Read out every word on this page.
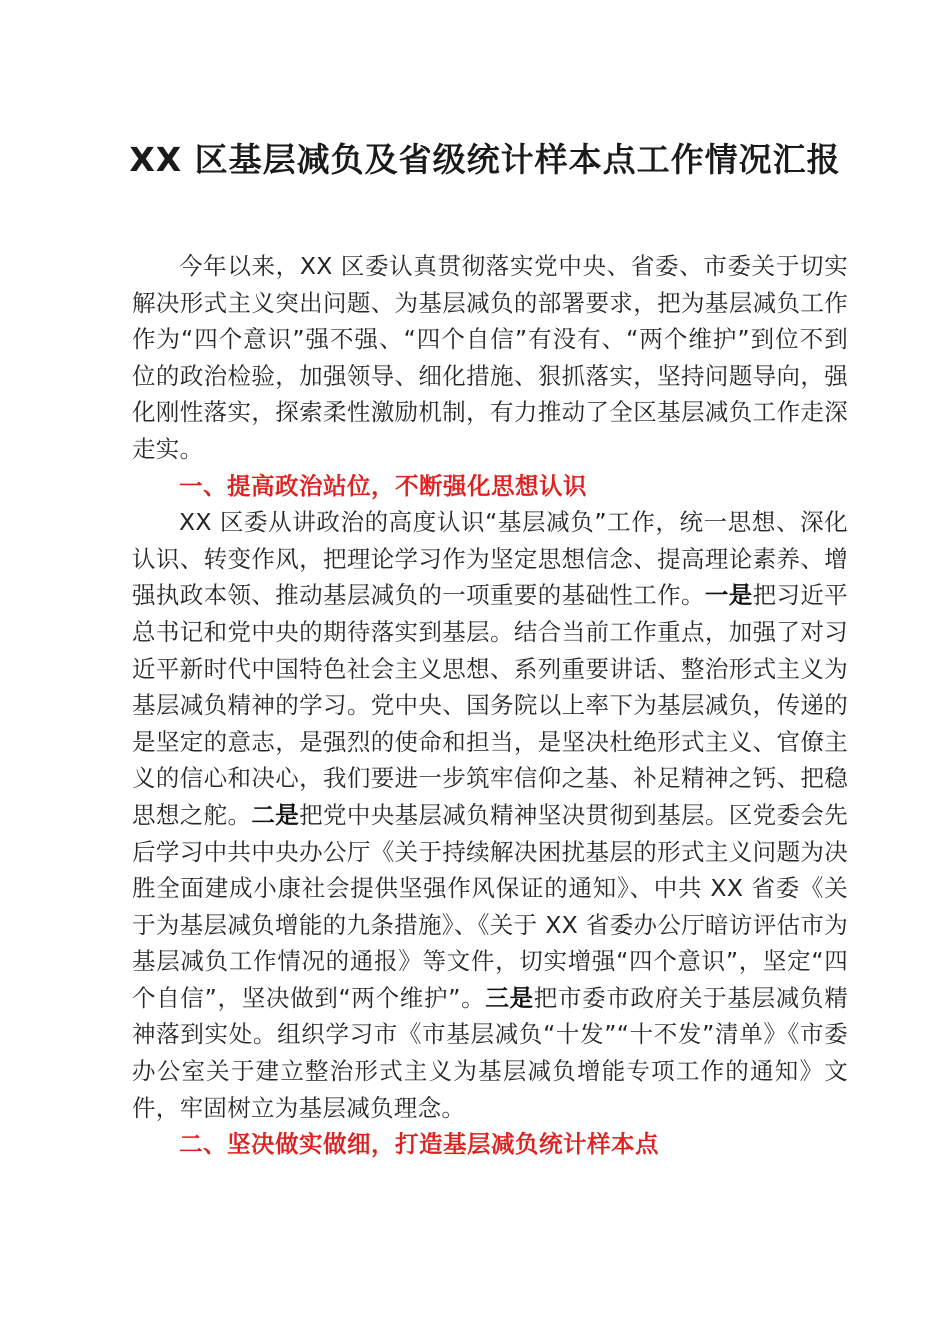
XX 区基层减负及省级统计样本点工作情况汇报

今年以来，XX 区委认真贯彻落实党中央、省委、市委关于切实解决形式主义突出问题、为基层减负的部署要求，把为基层减负工作作为“四个意识”强不强、“四个自信”有没有、“两个维护”到位不到位的政治检验，加强领导、细化措施、狠抓落实，坚持问题导向，强化刚性落实，探索柔性激励机制，有力推动了全区基层减负工作走深走实。

一、提高政治站位，不断强化思想认识

XX 区委从讲政治的高度认识“基层减负”工作，统一思想、深化认识、转变作风，把理论学习作为坚定思想信念、提高理论素养、增强执政本领、推动基层减负的一项重要的基础性工作。一是把习近平总书记和党中央的期待落实到基层。结合当前工作重点，加强了对习近平新时代中国特色社会主义思想、系列重要讲话、整治形式主义为基层减负精神的学习。党中央、国务院以上率下为基层减负，传递的是坚定的意志，是强烈的使命和担当，是坚决杜绝形式主义、官僚主义的信心和决心，我们要进一步筑牢信仰之基、补足精神之钙、把稳思想之舵。二是把党中央基层减负精神坚决贯彻到基层。区党委会先后学习中共中央办公厅《关于持续解决困扰基层的形式主义问题为决胜全面建成小康社会提供坚强作风保证的通知》、中共 XX 省委《关于为基层减负增能的九条措施》、《关于 XX 省委办公厅暗访评估市为基层减负工作情况的通报》等文件，切实增强“四个意识”，坚定“四个自信”，坚决做到“两个维护”。三是把市委市政府关于基层减负精神落到实处。组织学习市《市基层减负“十发”“十不发”清单》《市委办公室关于建立整治形式主义为基层减负增能专项工作的通知》文件，牢固树立为基层减负理念。

二、坚决做实做细，打造基层减负统计样本点
